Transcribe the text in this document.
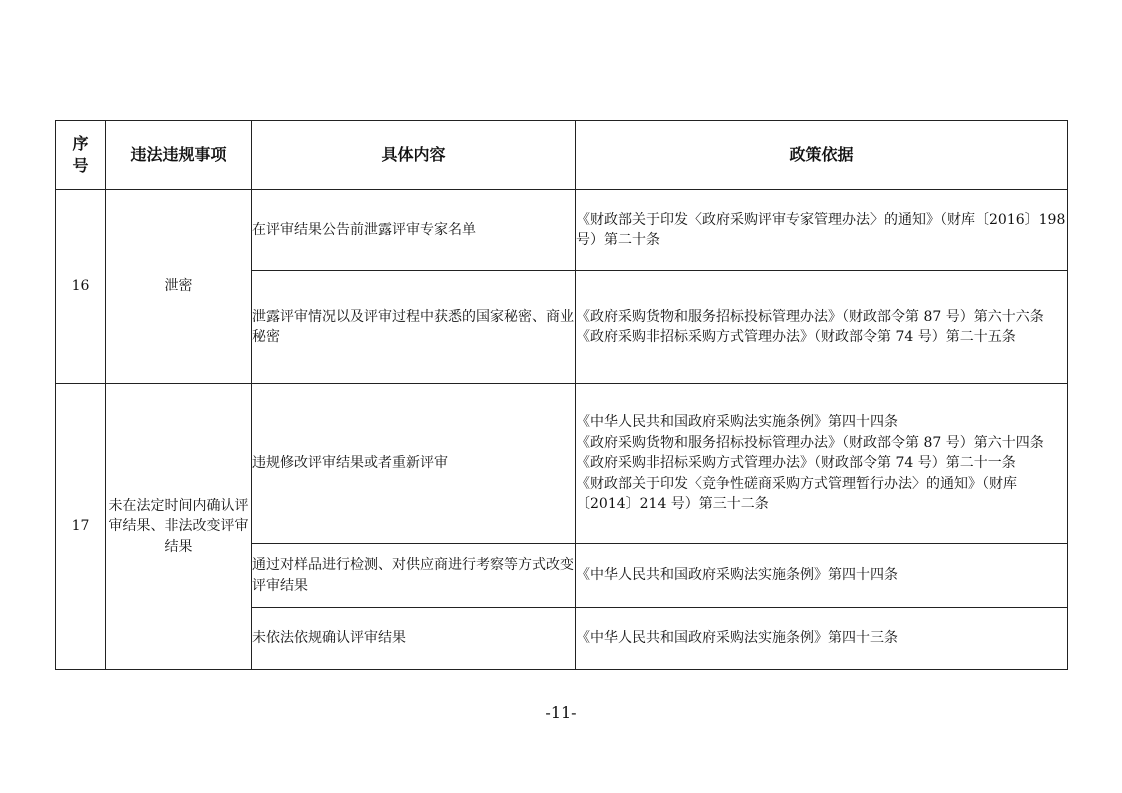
序号	违法违规事项	具体内容	政策依据
16	泄密	在评审结果公告前泄露评审专家名单	《财政部关于印发〈政府采购评审专家管理办法〉的通知》（财库〔2016〕198 号）第二十条

		泄露评审情况以及评审过程中获悉的国家秘密、商业秘密	《政府采购货物和服务招标投标管理办法》（财政部令第 87 号）第六十六条
《政府采购非招标采购方式管理办法》（财政部令第 74 号）第二十五条

17	未在法定时间内确认评审结果、非法改变评审结果	违规修改评审结果或者重新评审	《中华人民共和国政府采购法实施条例》第四十四条
《政府采购货物和服务招标投标管理办法》（财政部令第 87 号）第六十四条
《政府采购非招标采购方式管理办法》（财政部令第 74 号）第二十一条
《财政部关于印发〈竞争性磋商采购方式管理暂行办法〉的通知》（财库〔2014〕214 号）第三十二条

		通过对样品进行检测、对供应商进行考察等方式改变评审结果	《中华人民共和国政府采购法实施条例》第四十四条

		未依法依规确认评审结果	《中华人民共和国政府采购法实施条例》第四十三条
-11-
